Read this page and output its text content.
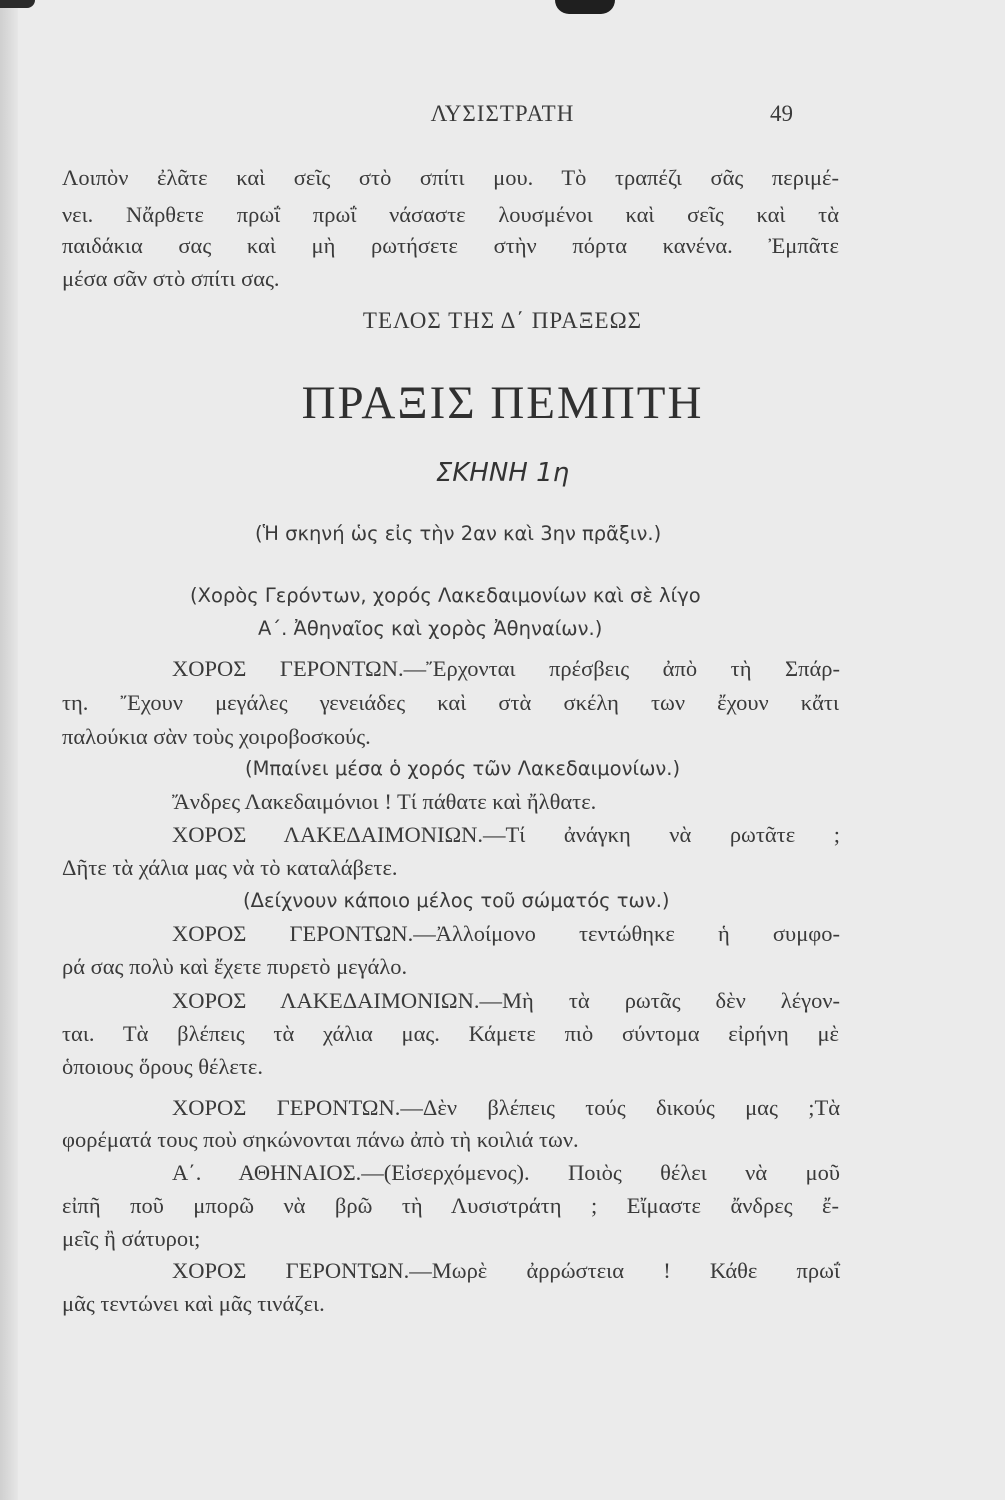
ΛΥΣΙΣΤΡΑΤΗ	49
Λοιπὸν ἐλᾶτε καὶ σεῖς στὸ σπίτι μου. Τὸ τραπέζι σᾶς περιμέ-
νει. Νἄρθετε πρωΐ πρωΐ νάσαστε λουσμένοι καὶ σεῖς καὶ τὰ
παιδάκια σας καὶ μὴ ρωτήσετε στὴν πόρτα κανένα. Ἐμπᾶτε
μέσα σᾶν στὸ σπίτι σας.
ΤΕΛΟΣ ΤΗΣ Δ΄ ΠΡΑΞΕΩΣ
ΠΡΑΞΙΣ ΠΕΜΠΤΗ
ΣΚΗΝΗ 1η
(Ἡ σκηνή ὡς εἰς τὴν 2αν καὶ 3ην πρᾶξιν.)
(Χορὸς Γερόντων, χορός Λακεδαιμονίων καὶ σὲ λίγο
Α΄. Ἀθηναῖος καὶ χορὸς Ἀθηναίων.)
ΧΟΡΟΣ ΓΕΡΟΝΤΩΝ.—Ἔρχονται πρέσβεις ἀπὸ τὴ Σπάρ-
τη. Ἔχουν μεγάλες γενειάδες καὶ στὰ σκέλη των ἔχουν κἄτι
παλούκια σὰν τοὺς χοιροβοσκούς.
(Μπαίνει μέσα ὁ χορός τῶν Λακεδαιμονίων.)
Ἄνδρες Λακεδαιμόνιοι ! Τί πάθατε καὶ ἤλθατε.
ΧΟΡΟΣ ΛΑΚΕΔΑΙΜΟΝΙΩΝ.—Τί ἀνάγκη νὰ ρωτᾶτε ;
Δῆτε τὰ χάλια μας νὰ τὸ καταλάβετε.
(Δείχνουν κάποιο μέλος τοῦ σώματός των.)
ΧΟΡΟΣ ΓΕΡΟΝΤΩΝ.—Ἀλλοίμονο τεντώθηκε ἡ συμφο-
ρά σας πολὺ καὶ ἔχετε πυρετὸ μεγάλο.
ΧΟΡΟΣ ΛΑΚΕΔΑΙΜΟΝΙΩΝ.—Μὴ τὰ ρωτᾶς δὲν λέγον-
ται. Τὰ βλέπεις τὰ χάλια μας. Κάμετε πιὸ σύντομα εἰρήνη μὲ
ὁποιους ὅρους θέλετε.
ΧΟΡΟΣ ΓΕΡΟΝΤΩΝ.—Δὲν βλέπεις τούς δικούς μας ;Τὰ
φορέματά τους ποὺ σηκώνονται πάνω ἀπὸ τὴ κοιλιά των.
Α΄. ΑΘΗΝΑΙΟΣ.—(Εἰσερχόμενος). Ποιὸς θέλει νὰ μοῦ
εἰπῆ ποῦ μπορῶ νὰ βρῶ τὴ Λυσιστράτη ; Εἴμαστε ἄνδρες ἔ-
μεῖς ἢ σάτυροι;
ΧΟΡΟΣ ΓΕΡΟΝΤΩΝ.—Μωρὲ ἀρρώστεια ! Κάθε πρωΐ
μᾶς τεντώνει καὶ μᾶς τινάζει.
